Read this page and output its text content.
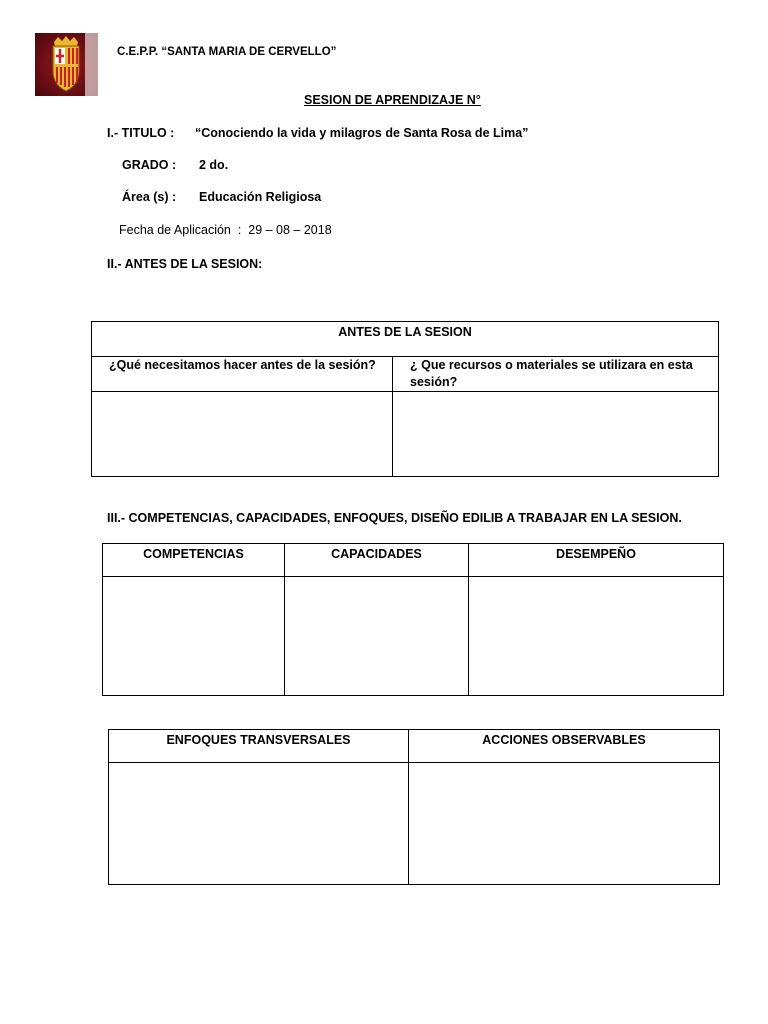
C.E.P.P. “SANTA MARIA DE CERVELLO”
SESION DE APRENDIZAJE N°
I.- TITULO : “Conociendo la vida y milagros de Santa Rosa de Lima”
GRADO : 2 do.
Área (s) : Educación Religiosa
Fecha de Aplicación  :  29 – 08 – 2018
II.- ANTES DE LA SESION:
ANTES DE LA SESION	
¿Qué necesitamos hacer antes de la sesión?	¿ Que recursos o materiales se utilizara en esta sesión?

III.- COMPETENCIAS, CAPACIDADES, ENFOQUES, DISEÑO EDILIB A TRABAJAR EN LA SESION.
COMPETENCIAS	CAPACIDADES	DESEMPEÑO

ENFOQUES TRANSVERSALES	ACCIONES OBSERVABLES
